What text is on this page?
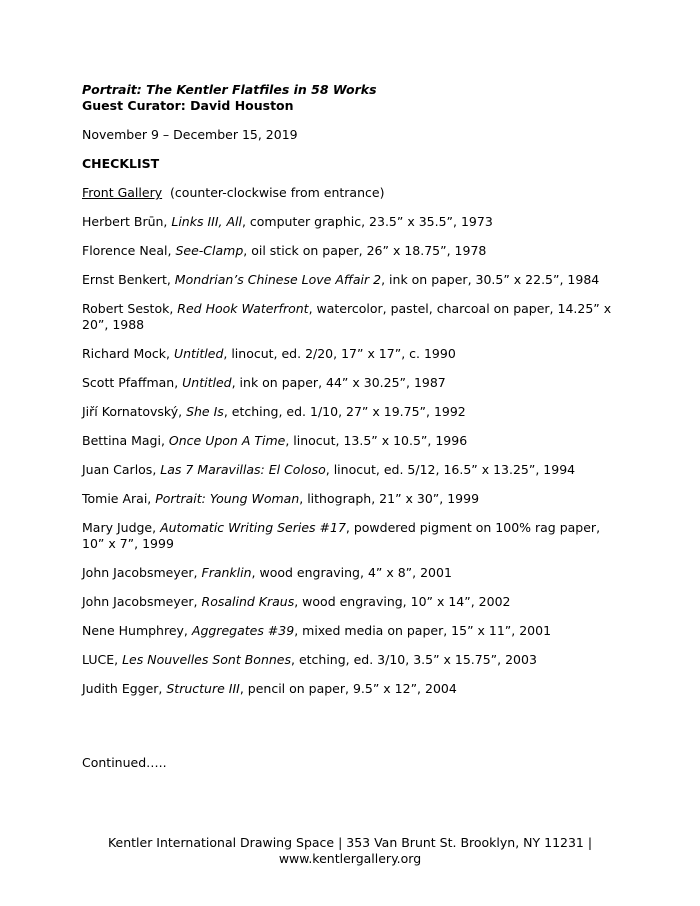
Portrait: The Kentler Flatfiles in 58 Works

Guest Curator: David Houston

November 9 – December 15, 2019
CHECKLIST
Front Gallery  (counter-clockwise from entrance)
Herbert Brūn, Links III, All, computer graphic, 23.5” x 35.5”, 1973
Florence Neal, See-Clamp, oil stick on paper, 26” x 18.75”, 1978
Ernst Benkert, Mondrian’s Chinese Love Affair 2, ink on paper, 30.5” x 22.5”, 1984
Robert Sestok, Red Hook Waterfront, watercolor, pastel, charcoal on paper, 14.25” x 20”, 1988
Richard Mock, Untitled, linocut, ed. 2/20, 17” x 17”, c. 1990
Scott Pfaffman, Untitled, ink on paper, 44” x 30.25”, 1987
Jiří Kornatovský, She Is, etching, ed. 1/10, 27” x 19.75”, 1992
Bettina Magi, Once Upon A Time, linocut, 13.5” x 10.5”, 1996
Juan Carlos, Las 7 Maravillas: El Coloso, linocut, ed. 5/12, 16.5” x 13.25”, 1994
Tomie Arai, Portrait: Young Woman, lithograph, 21” x 30”, 1999
Mary Judge, Automatic Writing Series #17, powdered pigment on 100% rag paper, 10” x 7”, 1999
John Jacobsmeyer, Franklin, wood engraving, 4” x 8”, 2001
John Jacobsmeyer, Rosalind Kraus, wood engraving, 10” x 14”, 2002
Nene Humphrey, Aggregates #39, mixed media on paper, 15” x 11”, 2001
LUCE, Les Nouvelles Sont Bonnes, etching, ed. 3/10, 3.5” x 15.75”, 2003
Judith Egger, Structure III, pencil on paper, 9.5” x 12”, 2004
Continued…..
Kentler International Drawing Space | 353 Van Brunt St. Brooklyn, NY 11231 |
www.kentlergallery.org
